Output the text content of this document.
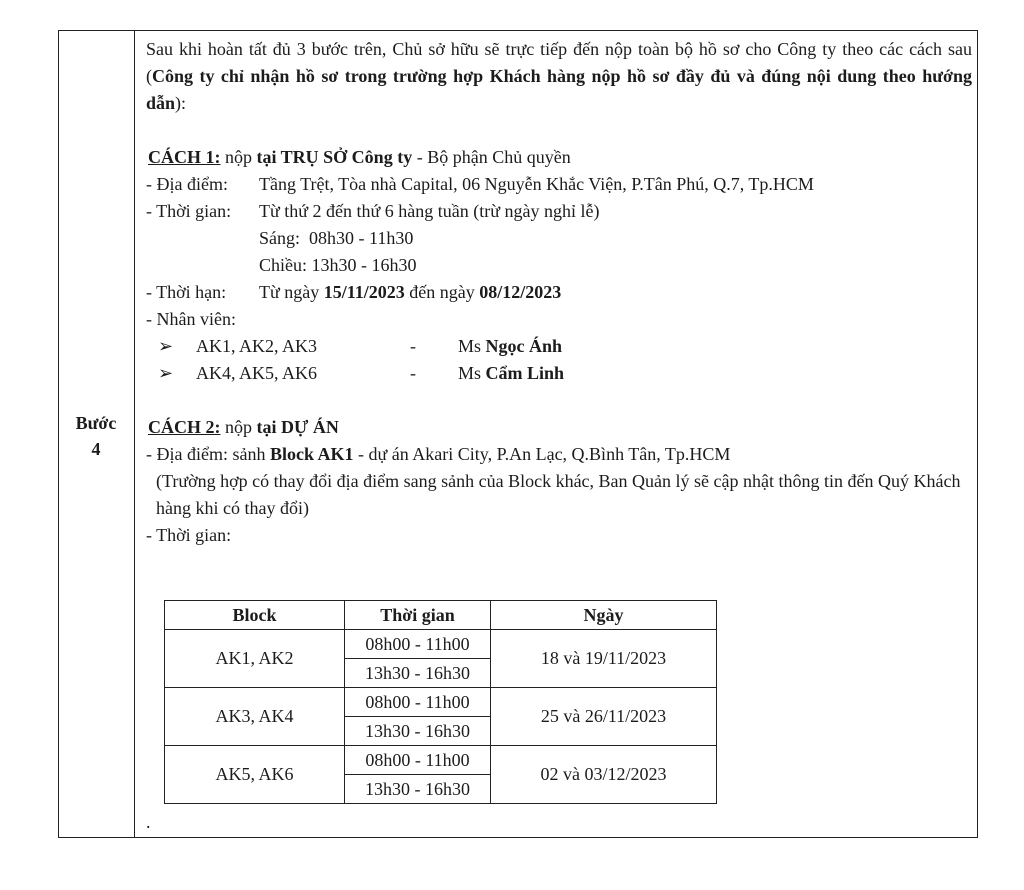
Bước
4

Sau khi hoàn tất đủ 3 bước trên, Chủ sở hữu sẽ trực tiếp đến nộp toàn bộ hồ sơ cho Công ty theo các cách sau (Công ty chỉ nhận hồ sơ trong trường hợp Khách hàng nộp hồ sơ đầy đủ và đúng nội dung theo hướng dẫn):

CÁCH 1: nộp tại TRỤ SỞ Công ty - Bộ phận Chủ quyền

- Địa điểm:	Tầng Trệt, Tòa nhà Capital, 06 Nguyễn Khắc Viện, P.Tân Phú, Q.7, Tp.HCM
- Thời gian:	Từ thứ 2 đến thứ 6 hàng tuần (trừ ngày nghỉ lễ)
Sáng:  08h30 - 11h30
Chiều: 13h30 - 16h30
- Thời hạn:	Từ ngày 15/11/2023 đến ngày 08/12/2023

- Nhân viên:

➢	AK1, AK2, AK3	-	Ms Ngọc Ánh
➢	AK4, AK5, AK6	-	Ms Cẩm Linh

CÁCH 2: nộp tại DỰ ÁN

- Địa điểm: sảnh Block AK1 - dự án Akari City, P.An Lạc, Q.Bình Tân, Tp.HCM

(Trường hợp có thay đổi địa điểm sang sảnh của Block khác, Ban Quản lý sẽ cập nhật thông tin đến Quý Khách hàng khi có thay đổi)

- Thời gian:

Block	Thời gian	Ngày
AK1, AK2	08h00 - 11h00	18 và 19/11/2023
	13h30 - 16h30	
AK3, AK4	08h00 - 11h00	25 và 26/11/2023
	13h30 - 16h30	
AK5, AK6	08h00 - 11h00	02 và 03/12/2023
	13h30 - 16h30	
.
